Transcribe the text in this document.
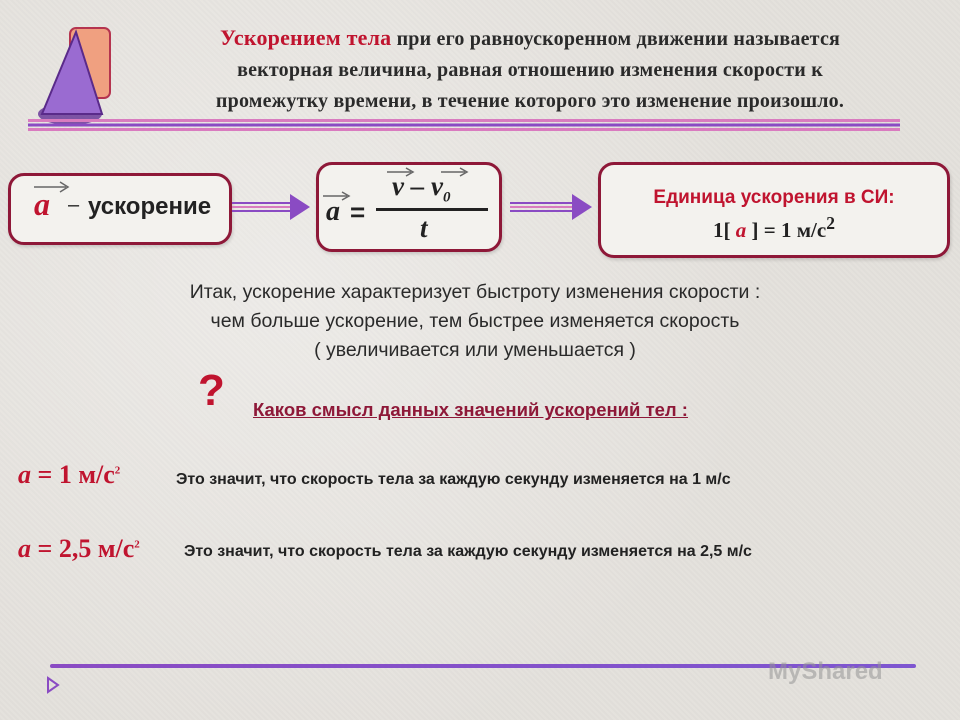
Ускорением тела при его равноускоренном движении называется
векторная величина, равная отношению изменения скорости к
промежутку времени, в течение которого это изменение произошло.
a – ускорение	a =
v – $v_0$
t
Единица ускорения в СИ:
1[ a ] = 1 $м/с^2$
Итак, ускорение характеризует быстроту изменения скорости :
чем больше ускорение, тем быстрее изменяется скорость
( увеличивается или уменьшается )
? Каков смысл данных значений ускорений тел :
a = 1 $м/с^2$
Это значит, что скорость тела за каждую секунду изменяется на 1 м/с
a = 2,5 $м/с^2$	Это значит, что скорость тела за каждую секунду изменяется на 2,5 м/с
MyShared
